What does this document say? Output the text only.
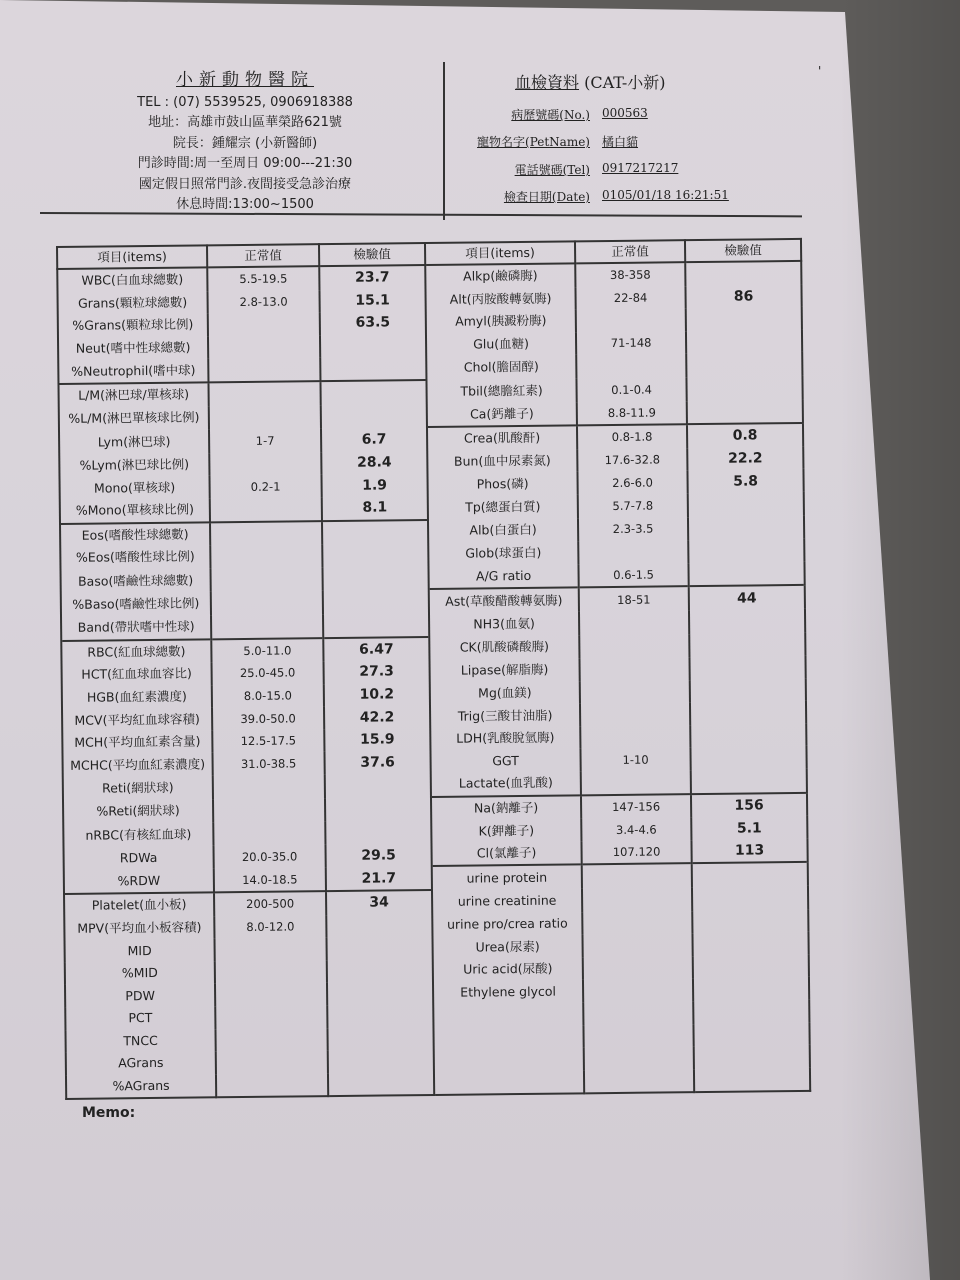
小新動物醫院
TEL : (07) 5539525, 0906918388
地址：高雄市鼓山區華榮路621號
院長：鍾耀宗 (小新醫師)
門診時間:周一至周日 09:00---21:30
國定假日照常門診.夜間接受急診治療
休息時間:13:00~1500
'
血檢資料 (CAT-小新)
病歷號碼(No.) 000563
寵物名字(PetName) 橘白貓
電話號碼(Tel) 0917217217
檢查日期(Date) 0105/01/18 16:21:51
項目(items)	正常值	檢驗值	項目(items)	正常值	檢驗值
WBC(白血球總數)	5.5-19.5	23.7	Alkp(鹼磷脢)	38-358	
Grans(顆粒球總數)	2.8-13.0	15.1	Alt(丙胺酸轉氨脢)	22-84	86
%Grans(顆粒球比例)		63.5	Amyl(胰澱粉脢)		
Neut(嗜中性球總數)			Glu(血糖)	71-148	
%Neutrophil(嗜中球)			Chol(膽固醇)		
L/M(淋巴球/單核球)			Tbil(總膽紅素)	0.1-0.4	
%L/M(淋巴單核球比例)			Ca(鈣離子)	8.8-11.9	
Lym(淋巴球)	1-7	6.7	Crea(肌酸酐)	0.8-1.8	0.8
%Lym(淋巴球比例)		28.4	Bun(血中尿素氮)	17.6-32.8	22.2
Mono(單核球)	0.2-1	1.9	Phos(磷)	2.6-6.0	5.8
%Mono(單核球比例)		8.1	Tp(總蛋白質)	5.7-7.8	
Eos(嗜酸性球總數)			Alb(白蛋白)	2.3-3.5	
%Eos(嗜酸性球比例)			Glob(球蛋白)		
Baso(嗜鹼性球總數)			A/G ratio	0.6-1.5	
%Baso(嗜鹼性球比例)			Ast(草酸醋酸轉氨脢)	18-51	44
Band(帶狀嗜中性球)			NH3(血氨)		
RBC(紅血球總數)	5.0-11.0	6.47	CK(肌酸磷酸脢)		
HCT(紅血球血容比)	25.0-45.0	27.3	Lipase(解脂脢)		
HGB(血紅素濃度)	8.0-15.0	10.2	Mg(血鎂)		
MCV(平均紅血球容積)	39.0-50.0	42.2	Trig(三酸甘油脂)		
MCH(平均血紅素含量)	12.5-17.5	15.9	LDH(乳酸脫氫脢)		
MCHC(平均血紅素濃度)	31.0-38.5	37.6	GGT	1-10	
Reti(網狀球)			Lactate(血乳酸)		
%Reti(網狀球)			Na(鈉離子)	147-156	156
nRBC(有核紅血球)			K(鉀離子)	3.4-4.6	5.1
RDWa	20.0-35.0	29.5	Cl(氯離子)	107.120	113
%RDW	14.0-18.5	21.7	urine protein		
Platelet(血小板)	200-500	34	urine creatinine		
MPV(平均血小板容積)	8.0-12.0		urine pro/crea ratio		
MID			Urea(尿素)		
%MID			Uric acid(尿酸)		
PDW			Ethylene glycol		
PCT					
TNCC					
AGrans					
%AGrans					
Memo:
